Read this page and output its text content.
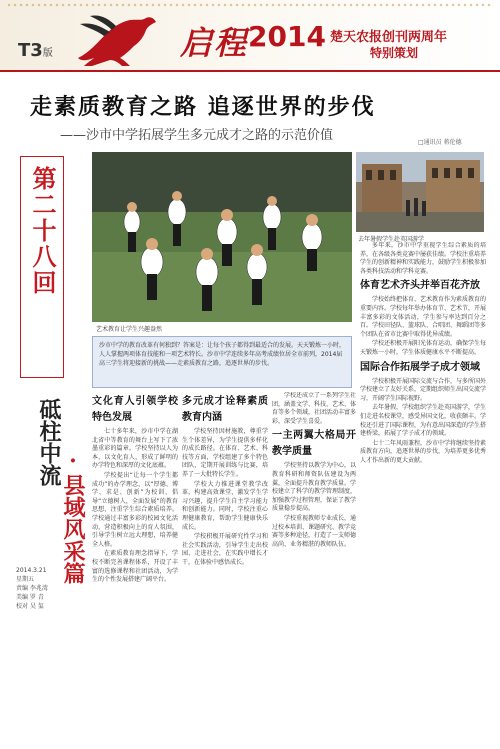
T3版	启程 2014 楚天农报创刊两周年
特别策划
走素质教育之路 追逐世界的步伐
——沙市中学拓展学生多元成才之路的示范价值	□通讯员 蒋伦德
第二十八回
砥柱中流
·县域风采篇
2014.3.21
星期五
责编 李兆湾
美编 罗 青
校对 吴 玺
艺术教育让学生兴趣盎然
去年暑假学生赴英国游学
沙市中学的教育改革有何独到？答案是：让每个孩子都得到最适合的发展。天天锻炼一小时，人人掌握两项体育技能和一项艺术特长。沙市中学连续多年高考成绩位居全市前列，2014届高三学生将迎接新的挑战——走素质教育之路，追逐世界的步伐。
文化育人引领学校特色发展

七十多年来，沙市中学在湖北省中等教育的舞台上写下了浓墨重彩的篇章。学校坚持以人为本，以文化育人，形成了鲜明的办学特色和深厚的文化底蕴。

学校提出“让每一个学生都成功”的办学理念，以“厚德、博学、求是、创新”为校训，倡导“立德树人，全面发展”的教育思想，注重学生综合素质培养。学校通过丰富多彩的校园文化活动，营造积极向上的育人氛围，引导学生树立远大理想，培养健全人格。

在素质教育理念指导下，学校不断完善课程体系，开设了丰富的选修课程和社团活动，为学生的个性发展搭建广阔平台。

多元成才诠释素质教育内涵

学校坚持因材施教，尊重学生个体差异，为学生提供多样化的成长路径。在体育、艺术、科技等方面，学校组建了多个特色团队，定期开展训练与比赛，培养了一大批特长学生。

学校大力推进课堂教学改革，构建高效课堂，激发学生学习兴趣，提升学生自主学习能力和创新能力。同时，学校注重心理健康教育，帮助学生健康快乐成长。

学校积极开展研究性学习和社会实践活动，引导学生走出校园、走进社会，在实践中增长才干，在体验中感悟成长。

学校还成立了一系列学生社团，涵盖文学、科技、艺术、体育等多个领域，社团活动丰富多彩，深受学生喜爱。

一主两翼大格局开教学质量

学校坚持以教学为中心，以教育科研和师资队伍建设为两翼，全面提升教育教学质量。学校建立了科学的教学管理制度，加强教学过程管理，保证了教学质量稳步提高。

学校重视教师专业成长，通过校本培训、课题研究、教学竞赛等多种途径，打造了一支师德高尚、业务精湛的教师队伍。

多年来，沙市中学重视学生综合素质的培养，在各级各类竞赛中屡获佳绩。学校注重培养学生的创新精神和实践能力，鼓励学生积极参加各类科技活动和学科竞赛。

体育艺术齐头并举百花齐放

学校始终把体育、艺术教育作为素质教育的重要内容。学校每年举办体育节、艺术节，开展丰富多彩的文体活动，学生参与率达到百分之百。学校田径队、篮球队、合唱团、舞蹈团等多个团队在省市比赛中取得优异成绩。

学校还积极开展阳光体育运动，确保学生每天锻炼一小时，学生体质健康水平不断提高。

国际合作拓展学子成才领域

学校积极开展国际交流与合作，与多所国外学校建立了友好关系，定期组织师生出国交流学习，开阔学生国际视野。

去年暑假，学校组织学生赴英国游学，学生们走进名校课堂，感受异国文化，收获颇丰。学校还引进了国际课程，为有意出国深造的学生搭建桥梁，拓展了学子成才的领域。

七十二年风雨兼程，沙市中学将继续坚持素质教育方向，追逐世界的步伐，为培养更多优秀人才作出新的更大贡献。
